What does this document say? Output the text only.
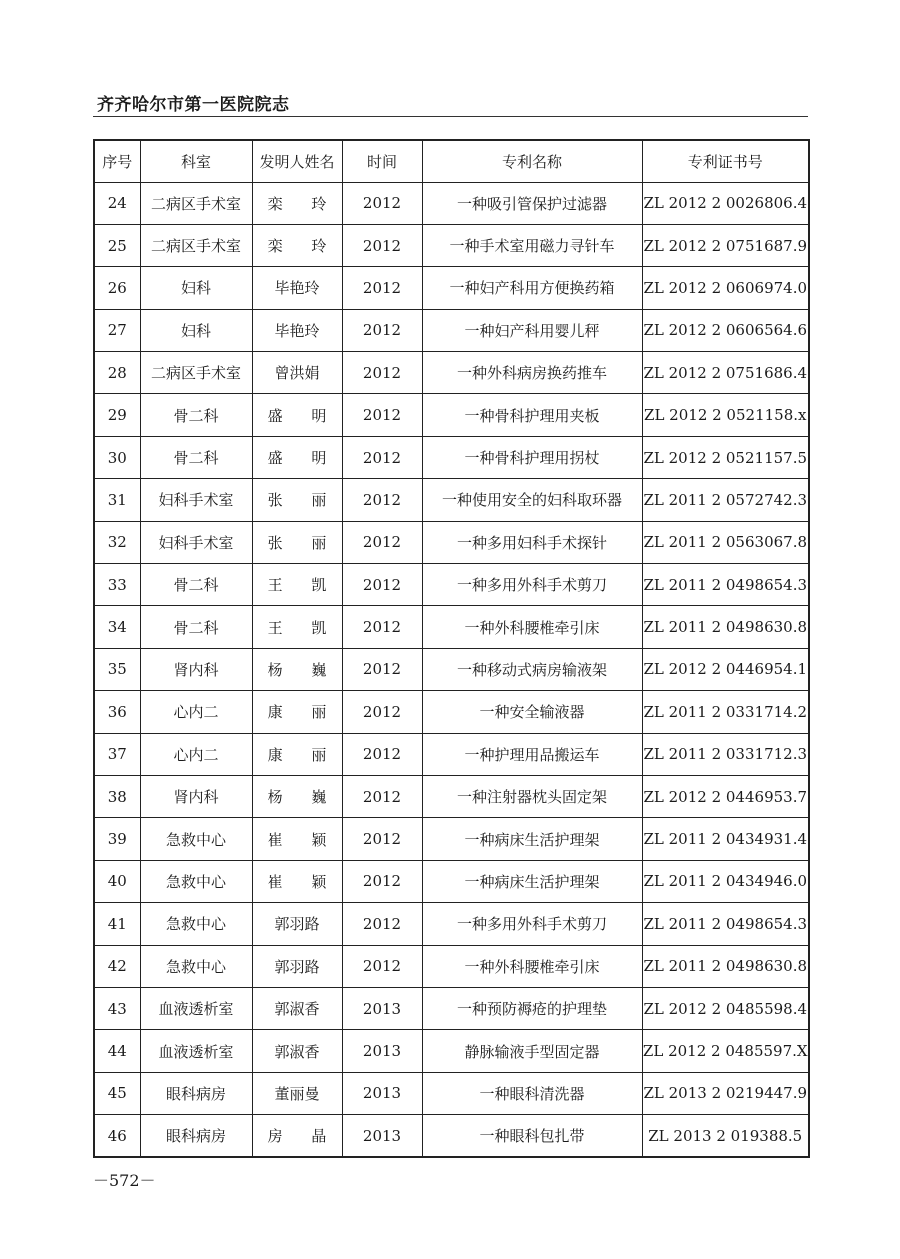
齐齐哈尔市第一医院院志
序号	科室	发明人姓名	时间	专利名称	专利证书号
24	二病区手术室	栾 玲	2012	一种吸引管保护过滤器	ZL 2012 2 0026806.4
25	二病区手术室	栾 玲	2012	一种手术室用磁力寻针车	ZL 2012 2 0751687.9
26	妇科	毕艳玲	2012	一种妇产科用方便换药箱	ZL 2012 2 0606974.0
27	妇科	毕艳玲	2012	一种妇产科用婴儿秤	ZL 2012 2 0606564.6
28	二病区手术室	曾洪娟	2012	一种外科病房换药推车	ZL 2012 2 0751686.4
29	骨二科	盛 明	2012	一种骨科护理用夹板	ZL 2012 2 0521158.x
30	骨二科	盛 明	2012	一种骨科护理用拐杖	ZL 2012 2 0521157.5
31	妇科手术室	张 丽	2012	一种使用安全的妇科取环器	ZL 2011 2 0572742.3
32	妇科手术室	张 丽	2012	一种多用妇科手术探针	ZL 2011 2 0563067.8
33	骨二科	王 凯	2012	一种多用外科手术剪刀	ZL 2011 2 0498654.3
34	骨二科	王 凯	2012	一种外科腰椎牵引床	ZL 2011 2 0498630.8
35	肾内科	杨 巍	2012	一种移动式病房输液架	ZL 2012 2 0446954.1
36	心内二	康 丽	2012	一种安全输液器	ZL 2011 2 0331714.2
37	心内二	康 丽	2012	一种护理用品搬运车	ZL 2011 2 0331712.3
38	肾内科	杨 巍	2012	一种注射器枕头固定架	ZL 2012 2 0446953.7
39	急救中心	崔 颖	2012	一种病床生活护理架	ZL 2011 2 0434931.4
40	急救中心	崔 颖	2012	一种病床生活护理架	ZL 2011 2 0434946.0
41	急救中心	郭羽路	2012	一种多用外科手术剪刀	ZL 2011 2 0498654.3
42	急救中心	郭羽路	2012	一种外科腰椎牵引床	ZL 2011 2 0498630.8
43	血液透析室	郭淑香	2013	一种预防褥疮的护理垫	ZL 2012 2 0485598.4
44	血液透析室	郭淑香	2013	静脉输液手型固定器	ZL 2012 2 0485597.X
45	眼科病房	董丽曼	2013	一种眼科清洗器	ZL 2013 2 0219447.9
46	眼科病房	房 晶	2013	一种眼科包扎带	ZL 2013 2 019388.5
－572－
